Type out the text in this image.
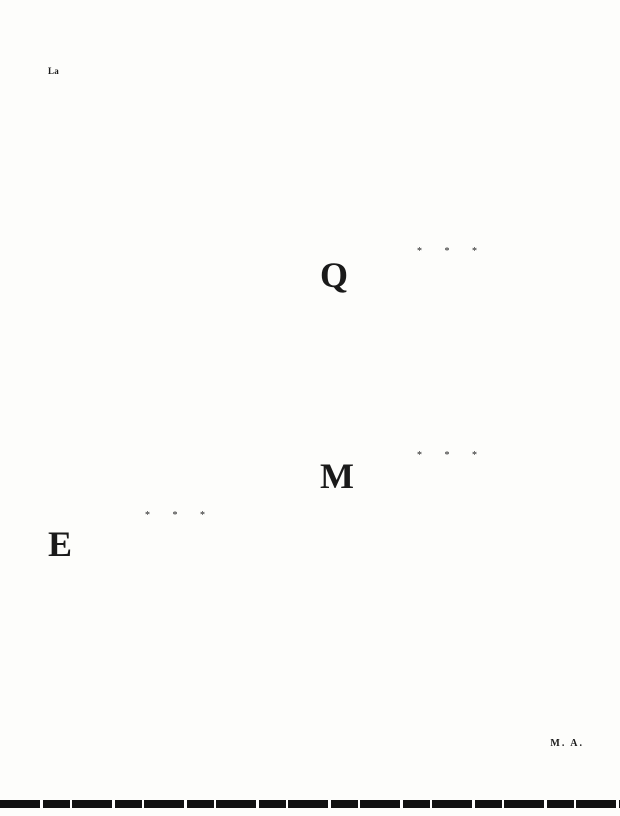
La
* * *
E
* * *
Q
* * *
M
M. A.
